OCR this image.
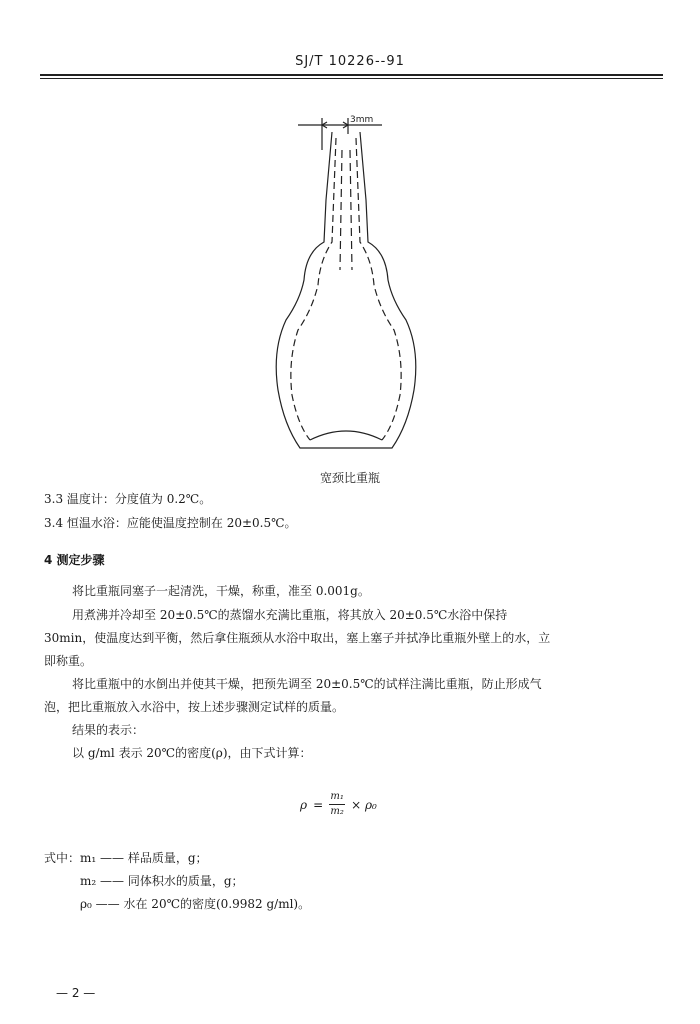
SJ/T 10226--91
3mm
宽颈比重瓶
3.3 温度计：分度值为 0.2℃。
3.4 恒温水浴：应能使温度控制在 20±0.5℃。
4 测定步骤
将比重瓶同塞子一起清洗，干燥，称重，准至 0.001g。
用煮沸并冷却至 20±0.5℃的蒸馏水充满比重瓶，将其放入 20±0.5℃水浴中保持
30min，使温度达到平衡，然后拿住瓶颈从水浴中取出，塞上塞子并拭净比重瓶外壁上的水，立
即称重。
将比重瓶中的水倒出并使其干燥，把预先调至 20±0.5℃的试样注满比重瓶，防止形成气
泡，把比重瓶放入水浴中，按上述步骤测定试样的质量。
结果的表示：
以 g/ml 表示 20℃的密度(ρ)，由下式计算：
$\rho = \frac{\text{m₁}}{\text{m₂}} \times \rho_0$
式中：m₁ —— 样品质量，g；
m₂ —— 同体积水的质量，g；
ρ₀ —— 水在 20℃的密度(0.9982 g/ml)。
— 2 —
